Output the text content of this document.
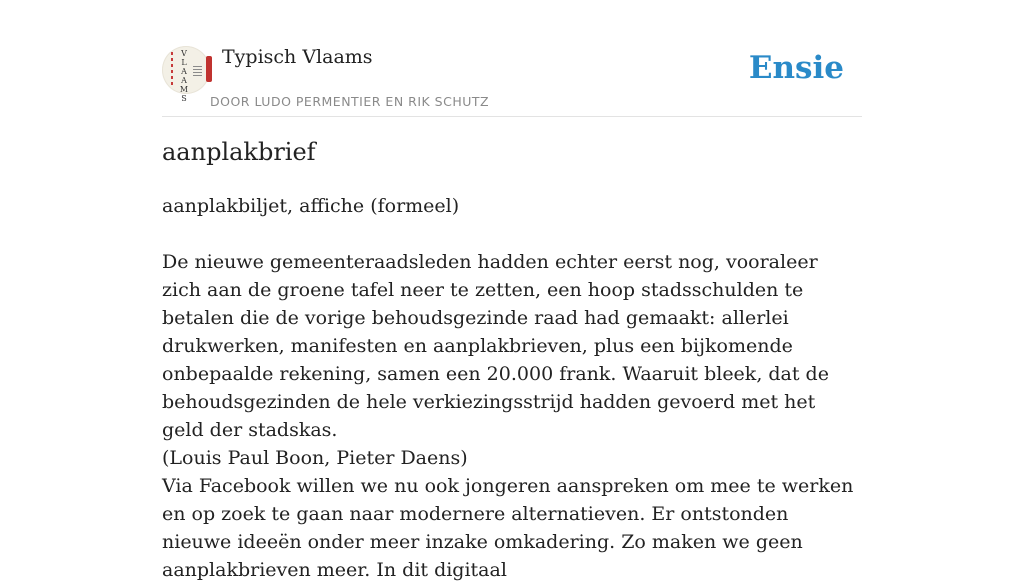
V
L
A
A
M
S
Typisch Vlaams
DOOR LUDO PERMENTIER EN RIK SCHUTZ
Ensie
aanplakbrief

aanplakbiljet, affiche (formeel)

De nieuwe gemeenteraadsleden hadden echter eerst nog, vooraleer zich aan de groene tafel neer te zetten, een hoop stadsschulden te betalen die de vorige behoudsgezinde raad had gemaakt: allerlei drukwerken, manifesten en aanplakbrieven, plus een bijkomende onbepaalde rekening, samen een 20.000 frank. Waaruit bleek, dat de behoudsgezinden de hele verkiezingsstrijd hadden gevoerd met het geld der stadskas.

(Louis Paul Boon, Pieter Daens)

Via Facebook willen we nu ook jongeren aanspreken om mee te werken en op zoek te gaan naar modernere alternatieven. Er ontstonden nieuwe ideeën onder meer inzake omkadering. Zo maken we geen aanplakbrieven meer. In dit digitaal
